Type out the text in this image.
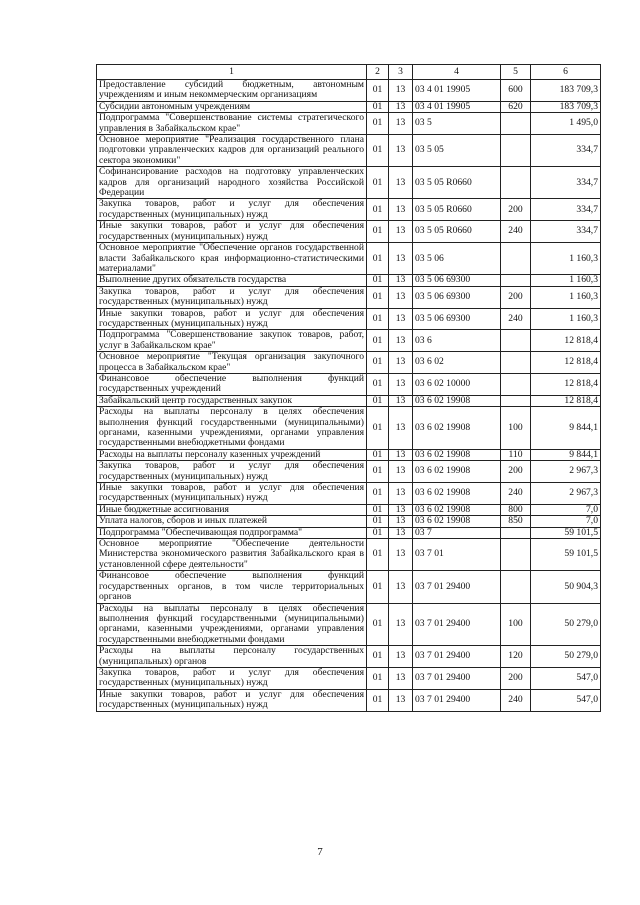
1	2	3	4	5	6
Предоставление субсидий бюджетным, автономным учреждениям и иным некоммерческим организациям	01	13	03 4 01 19905	600	183 709,3
Субсидии автономным учреждениям	01	13	03 4 01 19905	620	183 709,3
Подпрограмма "Совершенствование системы стратегического управления в Забайкальском крае"	01	13	03 5		1 495,0
Основное мероприятие "Реализация государственного плана подготовки управленческих кадров для организаций реального сектора экономики"	01	13	03 5 05		334,7
Софинансирование расходов на подготовку управленческих кадров для организаций народного хозяйства Российской Федерации	01	13	03 5 05 R0660		334,7
Закупка товаров, работ и услуг для обеспечения государственных (муниципальных) нужд	01	13	03 5 05 R0660	200	334,7
Иные закупки товаров, работ и услуг для обеспечения государственных (муниципальных) нужд	01	13	03 5 05 R0660	240	334,7
Основное мероприятие "Обеспечение органов государственной власти Забайкальского края информационно-статистическими материалами"	01	13	03 5 06		1 160,3
Выполнение других обязательств государства	01	13	03 5 06 69300		1 160,3
Закупка товаров, работ и услуг для обеспечения государственных (муниципальных) нужд	01	13	03 5 06 69300	200	1 160,3
Иные закупки товаров, работ и услуг для обеспечения государственных (муниципальных) нужд	01	13	03 5 06 69300	240	1 160,3
Подпрограмма "Совершенствование закупок товаров, работ, услуг в Забайкальском крае"	01	13	03 6		12 818,4
Основное мероприятие "Текущая организация закупочного процесса в Забайкальском крае"	01	13	03 6 02		12 818,4
Финансовое обеспечение выполнения функций государственных учреждений	01	13	03 6 02 10000		12 818,4
Забайкальский центр государственных закупок	01	13	03 6 02 19908		12 818,4
Расходы на выплаты персоналу в целях обеспечения выполнения функций государственными (муниципальными) органами, казенными учреждениями, органами управления государственными внебюджетными фондами	01	13	03 6 02 19908	100	9 844,1
Расходы на выплаты персоналу казенных учреждений	01	13	03 6 02 19908	110	9 844,1
Закупка товаров, работ и услуг для обеспечения государственных (муниципальных) нужд	01	13	03 6 02 19908	200	2 967,3
Иные закупки товаров, работ и услуг для обеспечения государственных (муниципальных) нужд	01	13	03 6 02 19908	240	2 967,3
Иные бюджетные ассигнования	01	13	03 6 02 19908	800	7,0
Уплата налогов, сборов и иных платежей	01	13	03 6 02 19908	850	7,0
Подпрограмма "Обеспечивающая подпрограмма"	01	13	03 7		59 101,5
Основное мероприятие "Обеспечение деятельности Министерства экономического развития Забайкальского края в установленной сфере деятельности"	01	13	03 7 01		59 101,5
Финансовое обеспечение выполнения функций государственных органов, в том числе территориальных органов	01	13	03 7 01 29400		50 904,3
Расходы на выплаты персоналу в целях обеспечения выполнения функций государственными (муниципальными) органами, казенными учреждениями, органами управления государственными внебюджетными фондами	01	13	03 7 01 29400	100	50 279,0
Расходы на выплаты персоналу государственных (муниципальных) органов	01	13	03 7 01 29400	120	50 279,0
Закупка товаров, работ и услуг для обеспечения государственных (муниципальных) нужд	01	13	03 7 01 29400	200	547,0
Иные закупки товаров, работ и услуг для обеспечения государственных (муниципальных) нужд	01	13	03 7 01 29400	240	547,0
7
